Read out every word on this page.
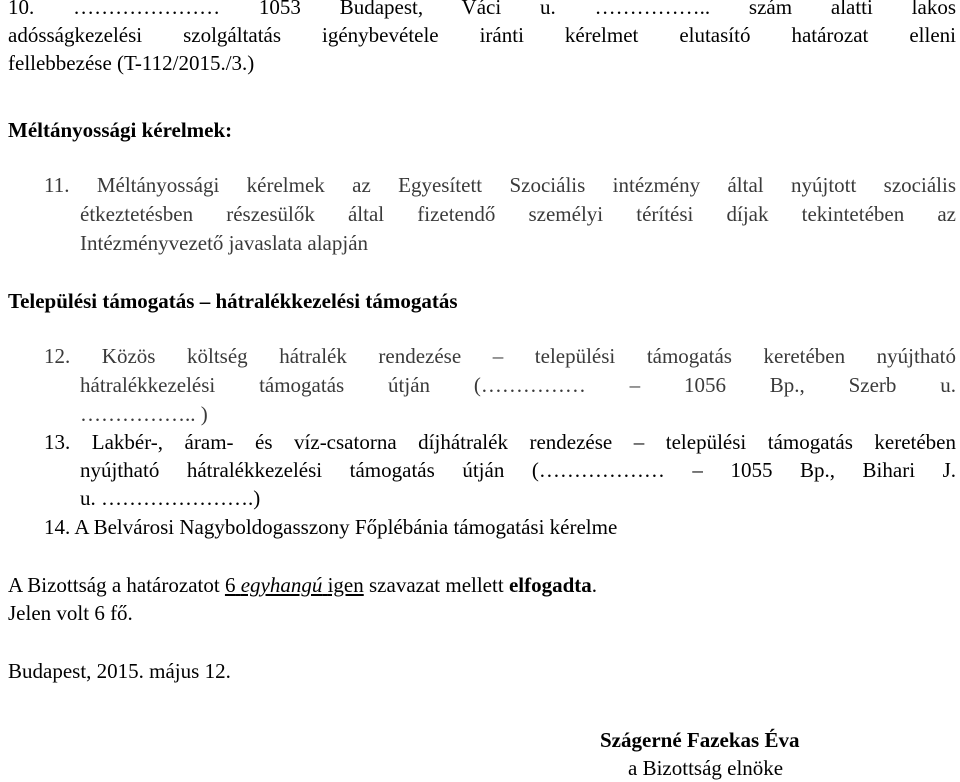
10. ………………… 1053 Budapest, Váci u. …………….. szám alatti lakos
adósságkezelési szolgáltatás igénybevétele iránti kérelmet elutasító határozat elleni
fellebbezése (T-112/2015./3.)
Méltányossági kérelmek:
11. Méltányossági kérelmek az Egyesített Szociális intézmény által nyújtott szociális
étkeztetésben részesülők által fizetendő személyi térítési díjak tekintetében az
Intézményvezető javaslata alapján
Települési támogatás – hátralékkezelési támogatás
12. Közös költség hátralék rendezése – települési támogatás keretében nyújtható
hátralékkezelési támogatás útján (…………… – 1056 Bp., Szerb u.
…………….. )
13. Lakbér-, áram- és víz-csatorna díjhátralék rendezése – települési támogatás keretében
nyújtható hátralékkezelési támogatás útján (……………… – 1055 Bp., Bihari J.
u. ………………….)
14. A Belvárosi Nagyboldogasszony Főplébánia támogatási kérelme
A Bizottság a határozatot 6 egyhangú igen szavazat mellett elfogadta.
Jelen volt 6 fő.
Budapest, 2015. május 12.
Szágerné Fazekas Éva
a Bizottság elnöke
